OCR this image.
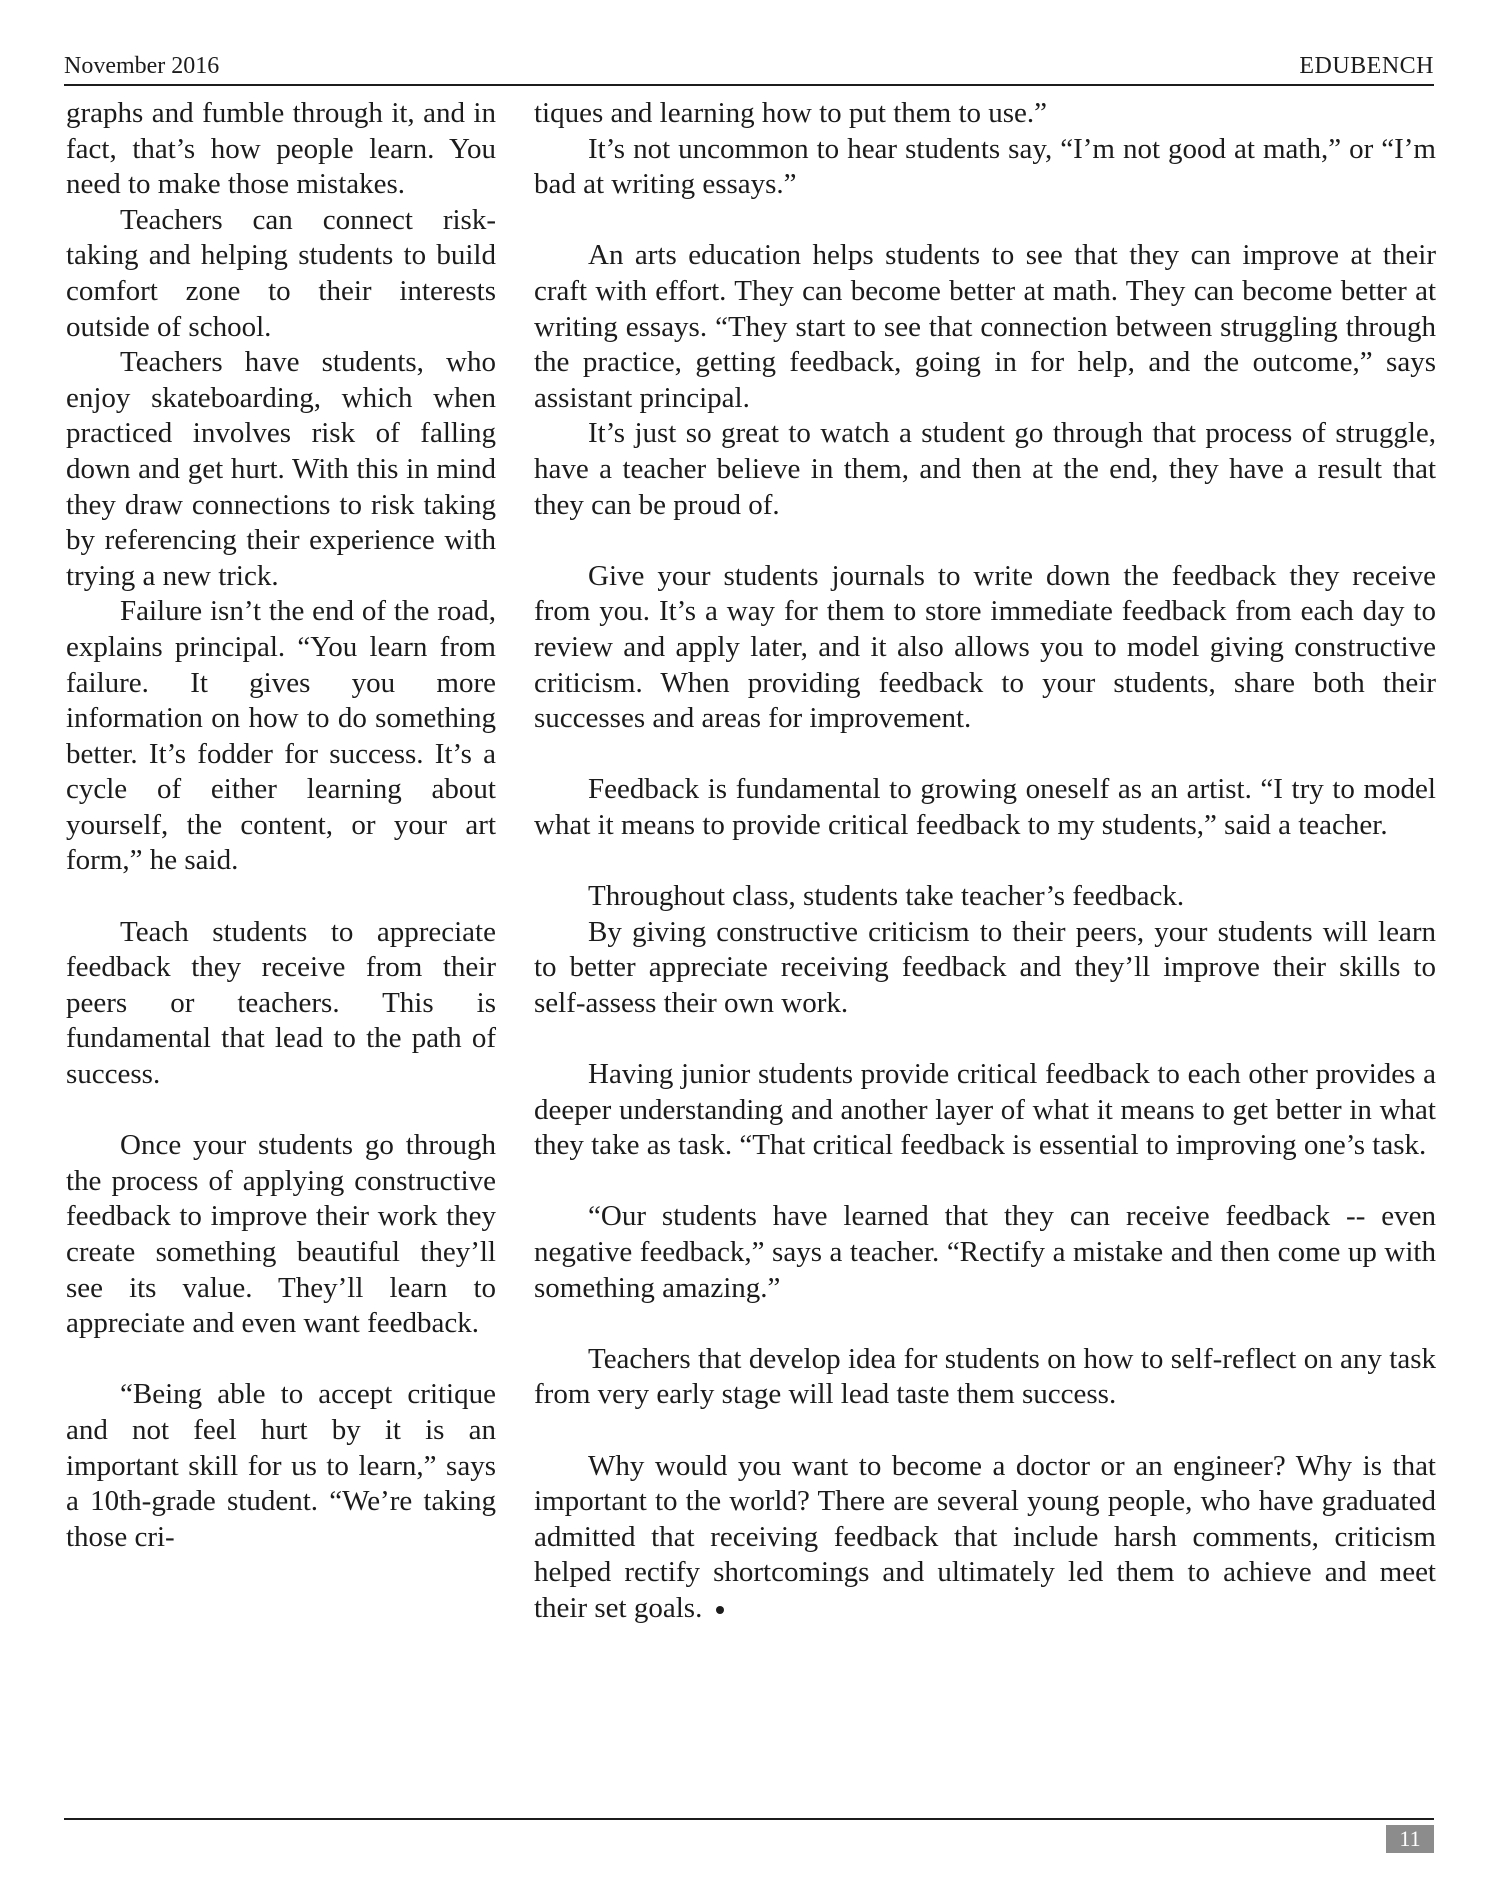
November 2016	EDUBENCH

graphs and fumble through it, and in fact, that’s how people learn. You need to make those mistakes.

Teachers can connect risk-taking and helping students to build comfort zone to their interests outside of school.

Teachers have students, who enjoy skateboarding, which when practiced involves risk of falling down and get hurt. With this in mind they draw connections to risk taking by referencing their experience with trying a new trick.

Failure isn’t the end of the road, explains principal. “You learn from failure. It gives you more information on how to do something better. It’s fodder for success. It’s a cycle of either learning about yourself, the content, or your art form,” he said.

Teach students to appreciate feedback they receive from their peers or teachers. This is fundamental that lead to the path of success.

Once your students go through the process of applying constructive feedback to improve their work they create something beautiful they’ll see its value. They’ll learn to appreciate and even want feedback.

“Being able to accept critique and not feel hurt by it is an important skill for us to learn,” says a 10th-grade student. “We’re taking those cri-

tiques and learning how to put them to use.”

It’s not uncommon to hear students say, “I’m not good at math,” or “I’m bad at writing essays.”

An arts education helps students to see that they can improve at their craft with effort. They can become better at math. They can become better at writing essays. “They start to see that connection between struggling through the practice, getting feedback, going in for help, and the outcome,” says assistant principal.

It’s just so great to watch a student go through that process of struggle, have a teacher believe in them, and then at the end, they have a result that they can be proud of.

Give your students journals to write down the feedback they receive from you. It’s a way for them to store immediate feedback from each day to review and apply later, and it also allows you to model giving constructive criticism. When providing feedback to your students, share both their successes and areas for improvement.

Feedback is fundamental to growing oneself as an artist. “I try to model what it means to provide critical feedback to my students,” said a teacher.

Throughout class, students take teacher’s feedback.

By giving constructive criticism to their peers, your students will learn to better appreciate receiving feedback and they’ll improve their skills to self-assess their own work.

Having junior students provide critical feedback to each other provides a deeper understanding and another layer of what it means to get better in what they take as task. “That critical feedback is essential to improving one’s task.

“Our students have learned that they can receive feedback -- even negative feedback,” says a teacher. “Rectify a mistake and then come up with something amazing.”

Teachers that develop idea for students on how to self-reflect on any task from very early stage will lead taste them success.

Why would you want to become a doctor or an engineer? Why is that important to the world? There are several young people, who have graduated admitted that receiving feedback that include harsh comments, criticism helped rectify shortcomings and ultimately led them to achieve and meet their set goals.

11
